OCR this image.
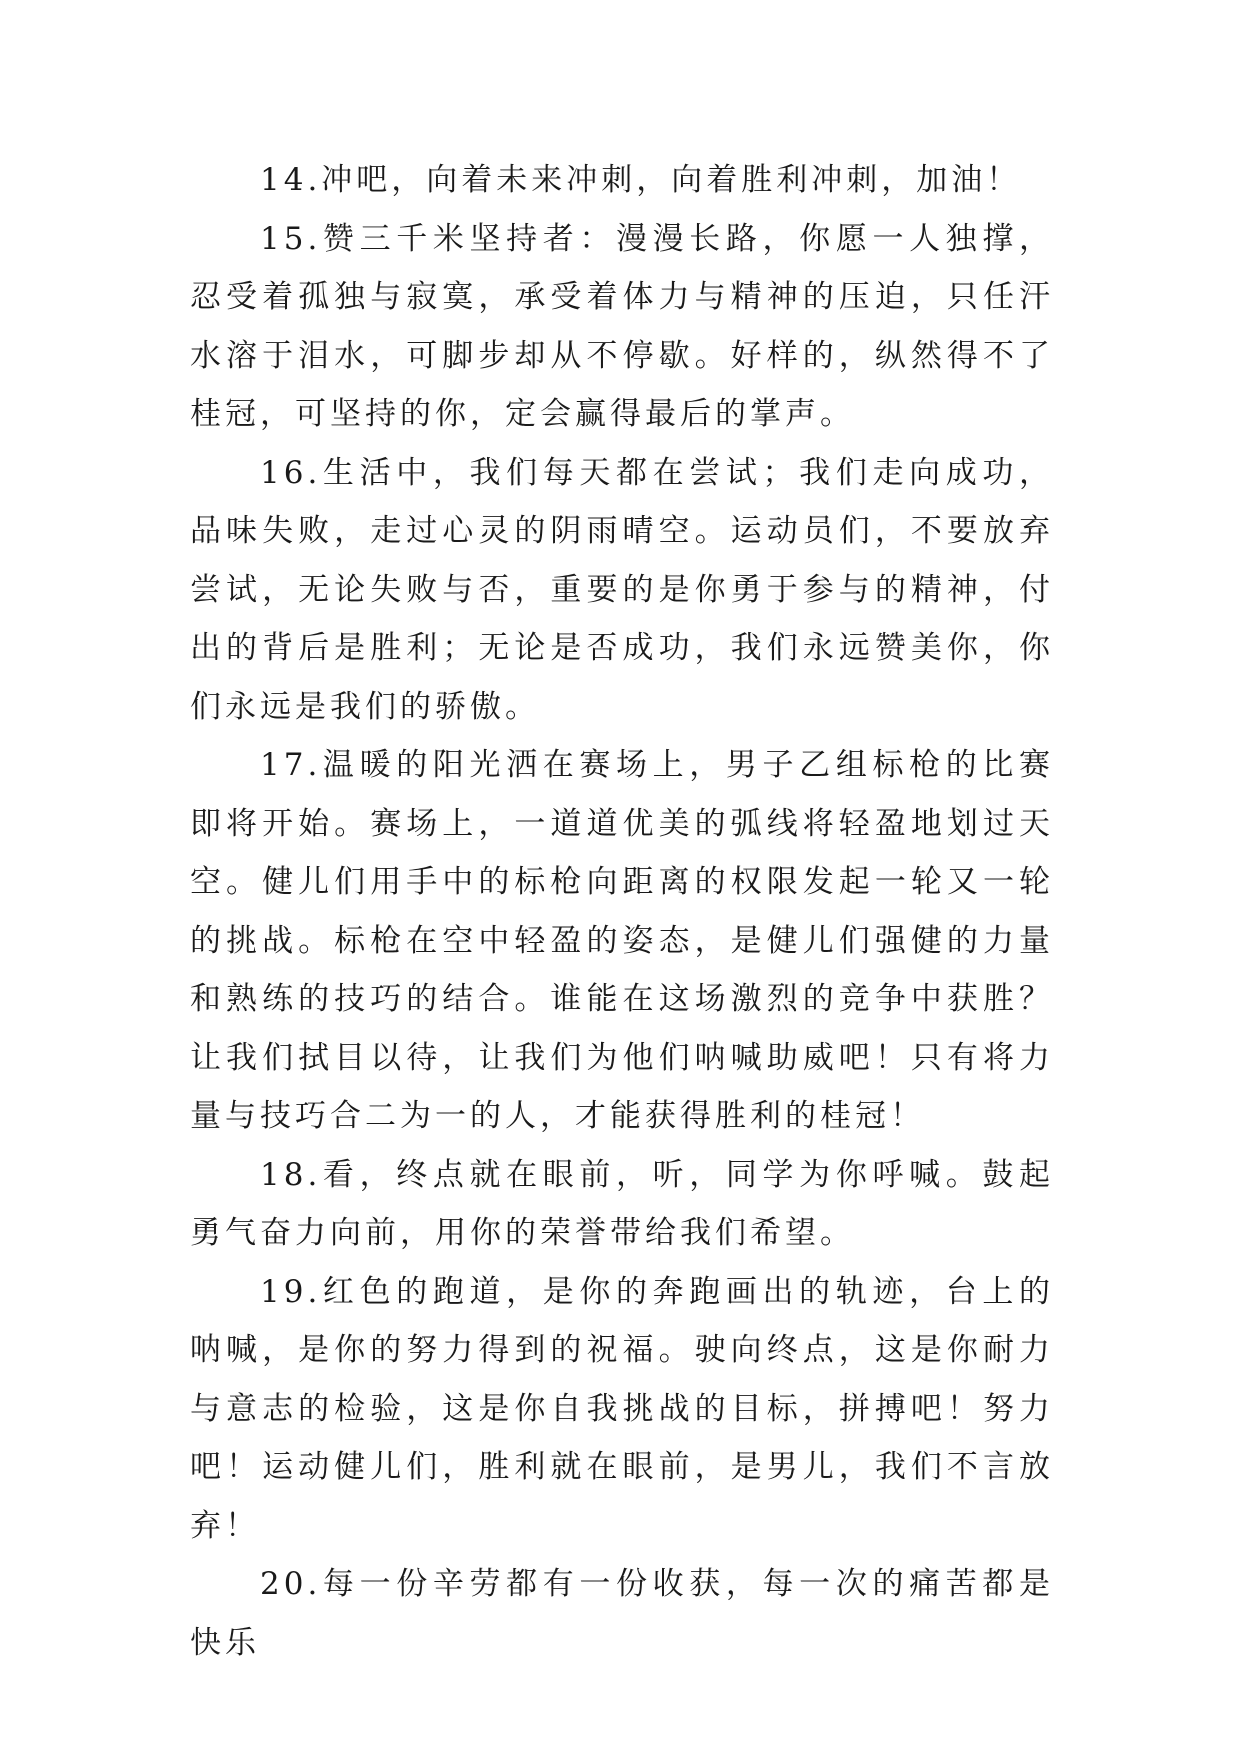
14.冲吧，向着未来冲刺，向着胜利冲刺，加油！

15.赞三千米坚持者：漫漫长路，你愿一人独撑，忍受着孤独与寂寞，承受着体力与精神的压迫，只任汗水溶于泪水，可脚步却从不停歇。好样的，纵然得不了桂冠，可坚持的你，定会赢得最后的掌声。

16.生活中，我们每天都在尝试；我们走向成功，品味失败，走过心灵的阴雨晴空。运动员们，不要放弃尝试，无论失败与否，重要的是你勇于参与的精神，付出的背后是胜利；无论是否成功，我们永远赞美你，你们永远是我们的骄傲。

17.温暖的阳光洒在赛场上，男子乙组标枪的比赛即将开始。赛场上，一道道优美的弧线将轻盈地划过天空。健儿们用手中的标枪向距离的权限发起一轮又一轮的挑战。标枪在空中轻盈的姿态，是健儿们强健的力量和熟练的技巧的结合。谁能在这场激烈的竞争中获胜？让我们拭目以待，让我们为他们呐喊助威吧！只有将力量与技巧合二为一的人，才能获得胜利的桂冠！

18.看，终点就在眼前，听，同学为你呼喊。鼓起勇气奋力向前，用你的荣誉带给我们希望。

19.红色的跑道，是你的奔跑画出的轨迹，台上的呐喊，是你的努力得到的祝福。驶向终点，这是你耐力与意志的检验，这是你自我挑战的目标，拼搏吧！努力吧！运动健儿们，胜利就在眼前，是男儿，我们不言放弃！

20.每一份辛劳都有一份收获，每一次的痛苦都是快乐
